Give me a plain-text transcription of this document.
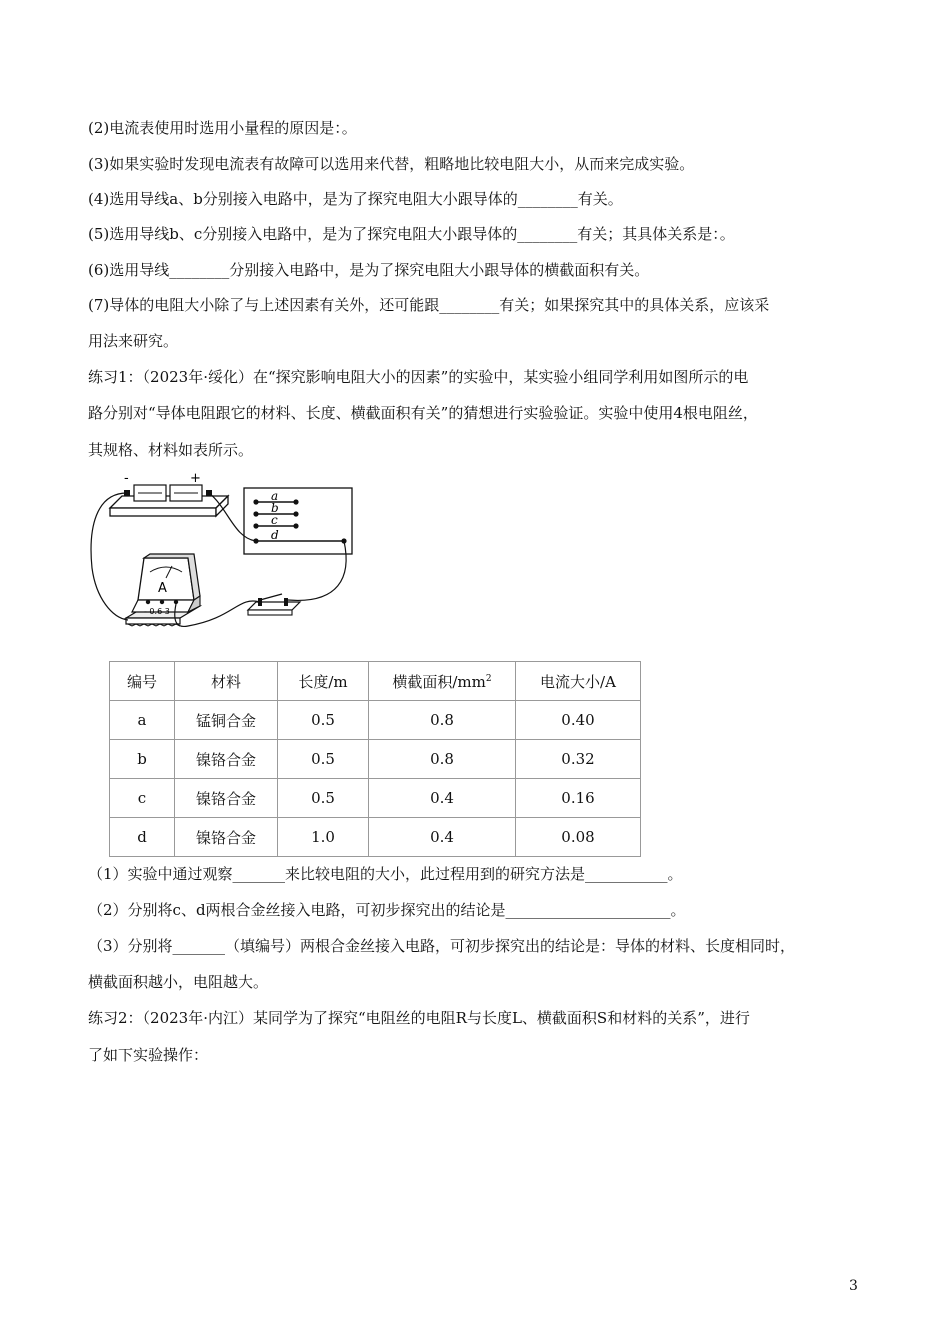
(2)电流表使用时选用小量程的原因是：。
(3)如果实验时发现电流表有故障可以选用来代替，粗略地比较电阻大小，从而来完成实验。
(4)选用导线a、b分别接入电路中，是为了探究电阻大小跟导体的________有关。
(5)选用导线b、c分别接入电路中，是为了探究电阻大小跟导体的________有关；其具体关系是：。
(6)选用导线________分别接入电路中，是为了探究电阻大小跟导体的横截面积有关。
(7)导体的电阻大小除了与上述因素有关外，还可能跟________有关；如果探究其中的具体关系，应该采
用法来研究。
练习1：（2023年·绥化）在“探究影响电阻大小的因素”的实验中，某实验小组同学利用如图所示的电
路分别对“导体电阻跟它的材料、长度、横截面积有关”的猜想进行实验验证。实验中使用4根电阻丝，
其规格、材料如表所示。
-	+
a
b
c
d
A
- 0.6 3
编号	材料	长度/m	横截面积$/mm^2$	电流大小/A
a	锰铜合金	0.5	0.8	0.40
b	镍铬合金	0.5	0.8	0.32
c	镍铬合金	0.5	0.4	0.16
d	镍铬合金	1.0	0.4	0.08
（1）实验中通过观察_______来比较电阻的大小，此过程用到的研究方法是___________。
（2）分别将c、d两根合金丝接入电路，可初步探究出的结论是______________________。
（3）分别将_______（填编号）两根合金丝接入电路，可初步探究出的结论是：导体的材料、长度相同时，
横截面积越小，电阻越大。
练习2：（2023年·内江）某同学为了探究“电阻丝的电阻R与长度L、横截面积S和材料的关系”，进行
了如下实验操作：
3
